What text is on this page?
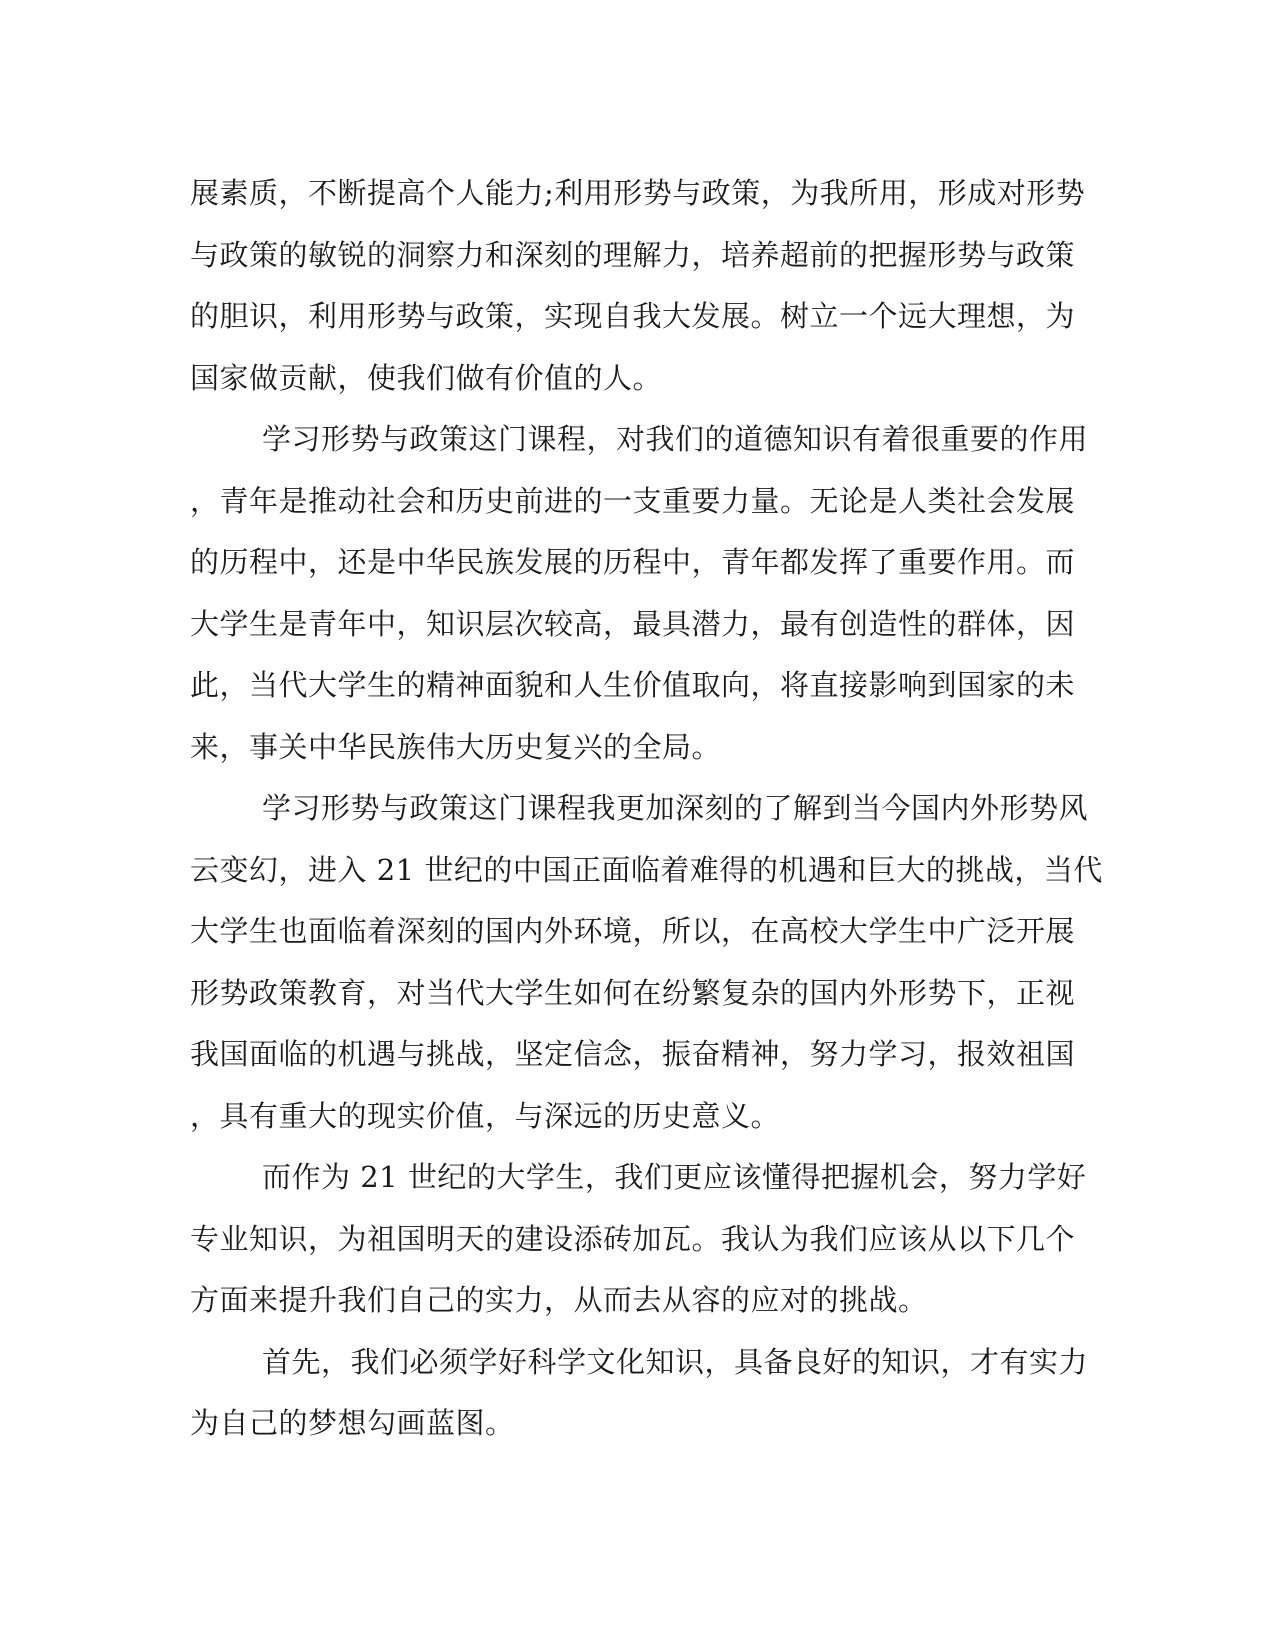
展素质，不断提高个人能力;利用形势与政策，为我所用，形成对形势
与政策的敏锐的洞察力和深刻的理解力，培养超前的把握形势与政策
的胆识，利用形势与政策，实现自我大发展。树立一个远大理想，为
国家做贡献，使我们做有价值的人。
学习形势与政策这门课程，对我们的道德知识有着很重要的作用
，青年是推动社会和历史前进的一支重要力量。无论是人类社会发展
的历程中，还是中华民族发展的历程中，青年都发挥了重要作用。而
大学生是青年中，知识层次较高，最具潜力，最有创造性的群体，因
此，当代大学生的精神面貌和人生价值取向，将直接影响到国家的未
来，事关中华民族伟大历史复兴的全局。
学习形势与政策这门课程我更加深刻的了解到当今国内外形势风
云变幻，进入 21 世纪的中国正面临着难得的机遇和巨大的挑战，当代
大学生也面临着深刻的国内外环境，所以，在高校大学生中广泛开展
形势政策教育，对当代大学生如何在纷繁复杂的国内外形势下，正视
我国面临的机遇与挑战，坚定信念，振奋精神，努力学习，报效祖国
，具有重大的现实价值，与深远的历史意义。
而作为 21 世纪的大学生，我们更应该懂得把握机会，努力学好
专业知识，为祖国明天的建设添砖加瓦。我认为我们应该从以下几个
方面来提升我们自己的实力，从而去从容的应对的挑战。
首先，我们必须学好科学文化知识，具备良好的知识，才有实力
为自己的梦想勾画蓝图。
